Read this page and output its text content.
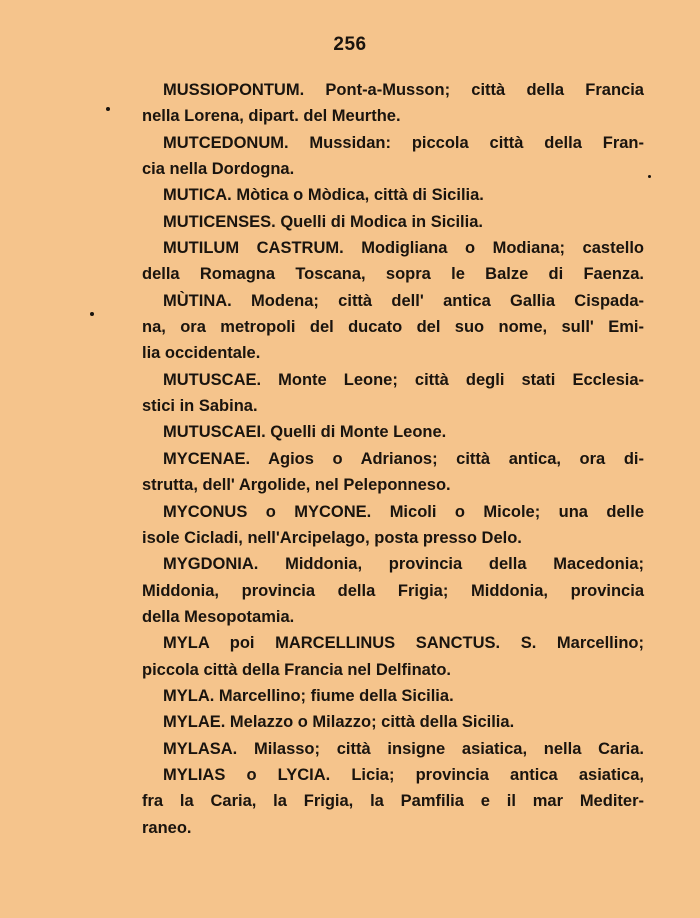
256
MUSSIOPONTUM. Pont-a-Musson; città della Francia
nella Lorena, dipart. del Meurthe.
MUTCEDONUM. Mussidan: piccola città della Fran-
cia nella Dordogna.
MUTICA. Mòtica o Mòdica, città di Sicilia.
MUTICENSES. Quelli di Modica in Sicilia.
MUTILUM CASTRUM. Modigliana o Modiana; castello
della Romagna Toscana, sopra le Balze di Faenza.
MÙTINA. Modena; città dell' antica Gallia Cispada-
na, ora metropoli del ducato del suo nome, sull' Emi-
lia occidentale.
MUTUSCAE. Monte Leone; città degli stati Ecclesia-
stici in Sabina.
MUTUSCAEI. Quelli di Monte Leone.
MYCENAE. Agios o Adrianos; città antica, ora di-
strutta, dell' Argolide, nel Peleponneso.
MYCONUS o MYCONE. Micoli o Micole; una delle
isole Cicladi, nell'Arcipelago, posta presso Delo.
MYGDONIA. Middonia, provincia della Macedonia;
Middonia, provincia della Frigia; Middonia, provincia
della Mesopotamia.
MYLA poi MARCELLINUS SANCTUS. S. Marcellino;
piccola città della Francia nel Delfinato.
MYLA. Marcellino; fiume della Sicilia.
MYLAE. Melazzo o Milazzo; città della Sicilia.
MYLASA. Milasso; città insigne asiatica, nella Caria.
MYLIAS o LYCIA. Licia; provincia antica asiatica,
fra la Caria, la Frigia, la Pamfilia e il mar Mediter-
raneo.
